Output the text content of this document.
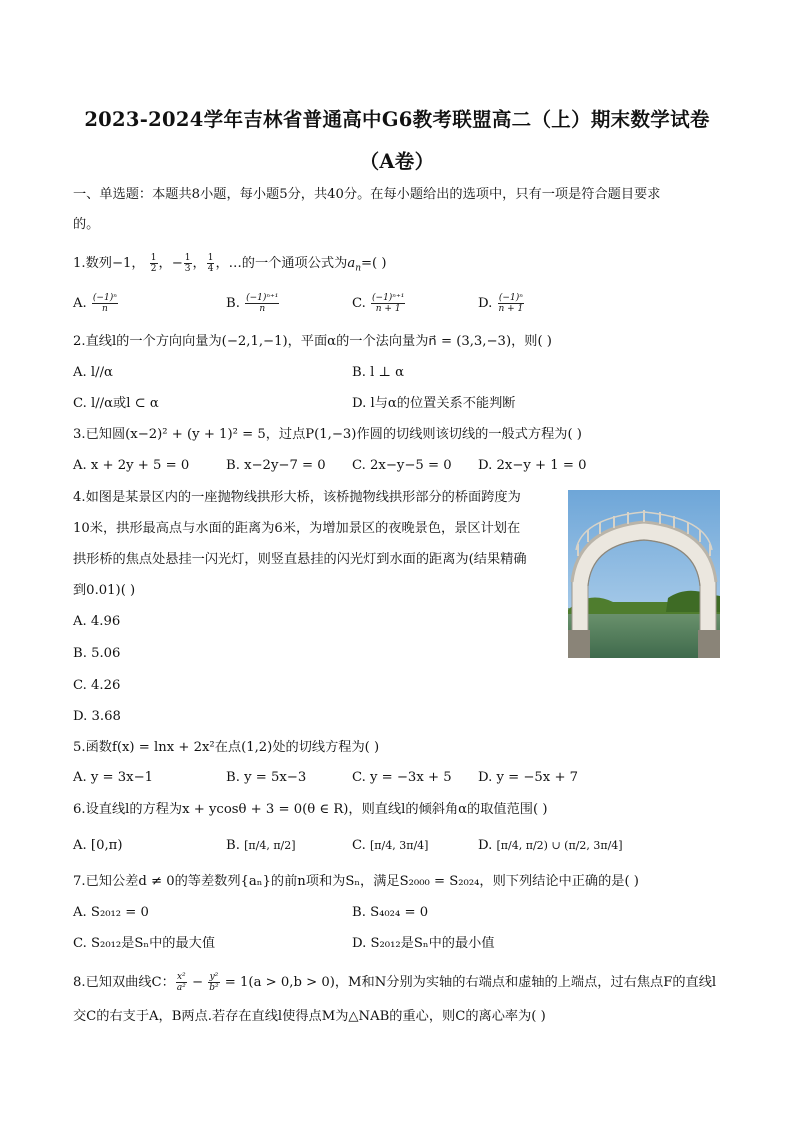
2023-2024学年吉林省普通高中G6教考联盟高二（上）期末数学试卷
（A卷）
一、单选题：本题共8小题，每小题5分，共40分。在每小题给出的选项中，只有一项是符合题目要求
的。
1.数列−1， $\frac{1}{2}$ ，− $\frac{1}{3}$ ， $\frac{1}{4}$ ，…的一个通项公式为$a_n=$( )
A. $\frac{\text{(−1)ⁿ}}{n}$	B. $\frac{\text{(−1)ⁿ⁺¹}}{n}$	C. $\frac{\text{(−1)ⁿ⁺¹}}{n + 1}$	D. $\frac{\text{(−1)ⁿ}}{n + 1}$
2.直线l的一个方向向量为(−2,1,−1)，平面α的一个法向量为n⃗ = (3,3,−3)，则( )
A. l//α	B. l ⊥ α
C. l//α或l ⊂ α	D. l与α的位置关系不能判断
3.已知圆(x−2)² + (y + 1)² = 5，过点P(1,−3)作圆的切线则该切线的一般式方程为( )
A. x + 2y + 5 = 0	B. x−2y−7 = 0 C. 2x−y−5 = 0 D. 2x−y + 1 = 0
4.如图是某景区内的一座抛物线拱形大桥，该桥抛物线拱形部分的桥面跨度为
10米，拱形最高点与水面的距离为6米，为增加景区的夜晚景色，景区计划在
拱形桥的焦点处悬挂一闪光灯，则竖直悬挂的闪光灯到水面的距离为(结果精确
到0.01)( )
A. 4.96
B. 5.06
C. 4.26
D. 3.68
5.函数f(x) = lnx + 2x²在点(1,2)处的切线方程为( )
A. y = 3x−1	B. y = 5x−3	C. y = −3x + 5 D. y = −5x + 7
6.设直线l的方程为x + ycosθ + 3 = 0(θ ∈ R)，则直线l的倾斜角α的取值范围( )
A. [0,π)	B. [π/4, π/2]	C. [π/4, 3π/4]	D. [π/4, π/2) ∪ (π/2, 3π/4]
7.已知公差d ≠ 0的等差数列{aₙ}的前n项和为Sₙ，满足S₂₀₀₀ = S₂₀₂₄，则下列结论中正确的是( )
A. S₂₀₁₂ = 0	B. S₄₀₂₄ = 0
C. S₂₀₁₂是Sₙ中的最大值	D. S₂₀₁₂是Sₙ中的最小值
8.已知双曲线C： $\frac{\text{x²}}{\text{a²}} - \frac{\text{y²}}{\text{b²}} = 1(a > 0,b > 0)$，M和N分别为实轴的右端点和虚轴的上端点，过右焦点F的直线l
交C的右支于A，B两点.若存在直线l使得点M为△NAB的重心，则C的离心率为( )
